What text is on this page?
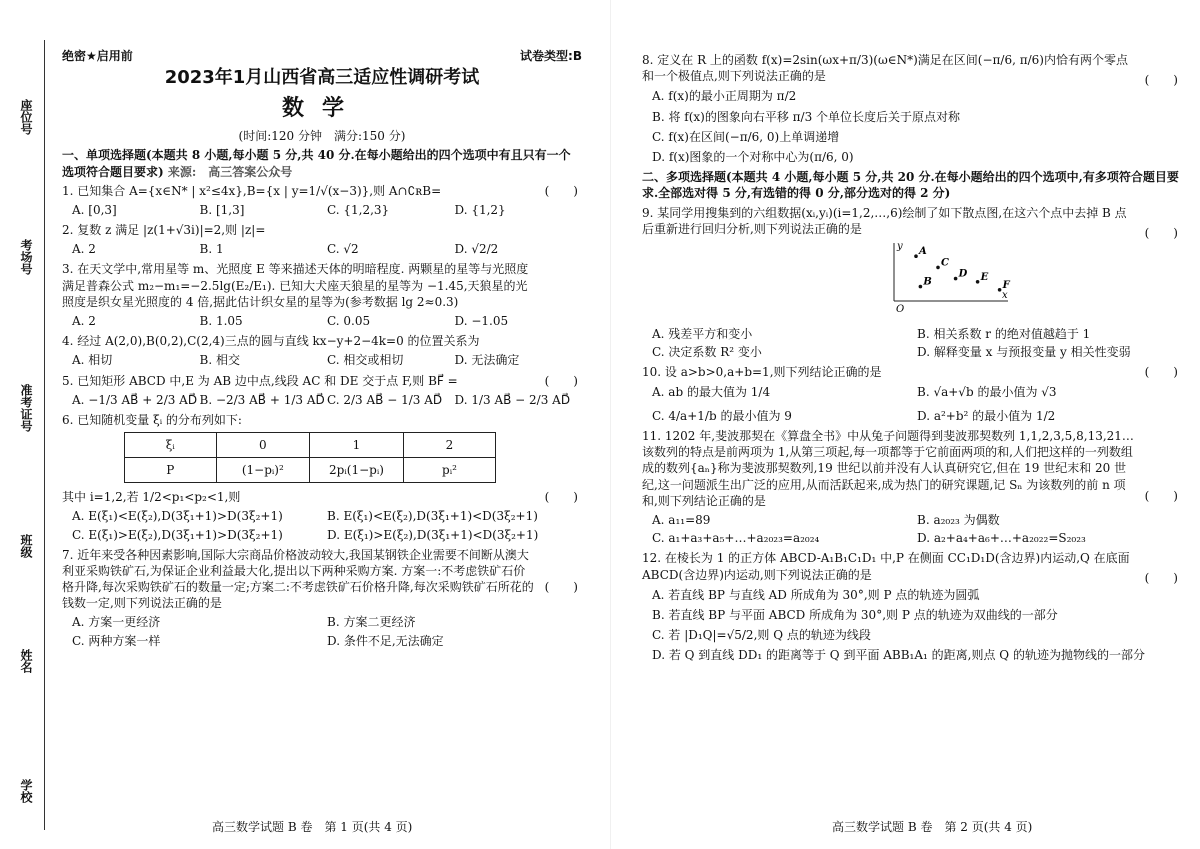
座位号
考场号
准考证号
班级
姓名
学校
绝密★启用前	试卷类型:B
2023年1月山西省高三适应性调研考试
数学
(时间:120 分钟　满分:150 分)
一、单项选择题(本题共 8 小题,每小题 5 分,共 40 分.在每小题给出的四个选项中有且只有一个选项符合题目要求) 来源:　高三答案公众号
1. 已知集合 A={x∈N* | x²≤4x},B={x | y=1/√(x−3)},则 A∩∁ʀB=	(　　)
A. [0,3]	B. [1,3]	C. {1,2,3}	D. {1,2}
2. 复数 z 满足 |z(1+√3i)|=2,则 |z|=
A. 2	B. 1	C. √2	D. √2/2
3. 在天文学中,常用星等 m、光照度 E 等来描述天体的明暗程度. 两颗星的星等与光照度满足普森公式 m₂−m₁=−2.5lg(E₂/E₁). 已知大犬座天狼星的星等为 −1.45,天狼星的光照度是织女星光照度的 4 倍,据此估计织女星的星等为(参考数据 lg 2≈0.3)
A. 2	B. 1.05	C. 0.05	D. −1.05
4. 经过 A(2,0),B(0,2),C(2,4)三点的圆与直线 kx−y+2−4k=0 的位置关系为
A. 相切	B. 相交	C. 相交或相切	D. 无法确定
5. 已知矩形 ABCD 中,E 为 AB 边中点,线段 AC 和 DE 交于点 F,则 BF⃗ =	(　　)
A. −1/3 AB⃗ + 2/3 AD⃗ B. −2/3 AB⃗ + 1/3 AD⃗ C. 2/3 AB⃗ − 1/3 AD⃗	D. 1/3 AB⃗ − 2/3 AD⃗
6. 已知随机变量 ξᵢ 的分布列如下:
ξᵢ	0	1	2
P	(1−pᵢ)²	2pᵢ(1−pᵢ)	pᵢ²
其中 i=1,2,若 1/2<p₁<p₂<1,则	(　　)
A. E(ξ₁)<E(ξ₂),D(3ξ₁+1)>D(3ξ₂+1)	B. E(ξ₁)<E(ξ₂),D(3ξ₁+1)<D(3ξ₂+1)
C. E(ξ₁)>E(ξ₂),D(3ξ₁+1)>D(3ξ₂+1)	D. E(ξ₁)>E(ξ₂),D(3ξ₁+1)<D(3ξ₂+1)
7. 近年来受各种因素影响,国际大宗商品价格波动较大,我国某钢铁企业需要不间断从澳大利亚采购铁矿石,为保证企业利益最大化,提出以下两种采购方案. 方案一:不考虑铁矿石价格升降,每次采购铁矿石的数量一定;方案二:不考虑铁矿石价格升降,每次采购铁矿石所花的钱数一定,则下列说法正确的是
(　　)
A. 方案一更经济	B. 方案二更经济
C. 两种方案一样	D. 条件不足,无法确定
8. 定义在 R 上的函数 f(x)=2sin(ωx+π/3)(ω∈N*)满足在区间(−π/6, π/6)内恰有两个零点和一个极值点,则下列说法正确的是	(　　)
A. f(x)的最小正周期为 π/2
B. 将 f(x)的图象向右平移 π/3 个单位长度后关于原点对称
C. f(x)在区间(−π/6, 0)上单调递增
D. f(x)图象的一个对称中心为(π/6, 0)
二、多项选择题(本题共 4 小题,每小题 5 分,共 20 分.在每小题给出的四个选项中,有多项符合题目要求.全部选对得 5 分,有选错的得 0 分,部分选对的得 2 分)
9. 某同学用搜集到的六组数据(xᵢ,yᵢ)(i=1,2,…,6)绘制了如下散点图,在这六个点中去掉 B 点后重新进行回归分析,则下列说法正确的是	(　　)
x
y
O
A
B
C
D E
F
A. 残差平方和变小	B. 相关系数 r 的绝对值越趋于 1
C. 决定系数 R² 变小	D. 解释变量 x 与预报变量 y 相关性变弱
10. 设 a>b>0,a+b=1,则下列结论正确的是	(　　)
A. ab 的最大值为 1/4	B. √a+√b 的最小值为 √3
C. 4/a+1/b 的最小值为 9	D. a²+b² 的最小值为 1/2
11. 1202 年,斐波那契在《算盘全书》中从兔子问题得到斐波那契数列 1,1,2,3,5,8,13,21…该数列的特点是前两项为 1,从第三项起,每一项都等于它前面两项的和,人们把这样的一列数组成的数列{aₙ}称为斐波那契数列,19 世纪以前并没有人认真研究它,但在 19 世纪末和 20 世纪,这一问题派生出广泛的应用,从而活跃起来,成为热门的研究课题,记 Sₙ 为该数列的前 n 项和,则下列结论正确的是	(　　)
A. a₁₁=89	B. a₂₀₂₃ 为偶数
C. a₁+a₃+a₅+…+a₂₀₂₃=a₂₀₂₄	D. a₂+a₄+a₆+…+a₂₀₂₂=S₂₀₂₃
12. 在棱长为 1 的正方体 ABCD-A₁B₁C₁D₁ 中,P 在侧面 CC₁D₁D(含边界)内运动,Q 在底面 ABCD(含边界)内运动,则下列说法正确的是	(　　)
A. 若直线 BP 与直线 AD 所成角为 30°,则 P 点的轨迹为圆弧
B. 若直线 BP 与平面 ABCD 所成角为 30°,则 P 点的轨迹为双曲线的一部分
C. 若 |D₁Q|=√5/2,则 Q 点的轨迹为线段
D. 若 Q 到直线 DD₁ 的距离等于 Q 到平面 ABB₁A₁ 的距离,则点 Q 的轨迹为抛物线的一部分
高三数学试题 B 卷　第 1 页(共 4 页)	高三数学试题 B 卷　第 2 页(共 4 页)
